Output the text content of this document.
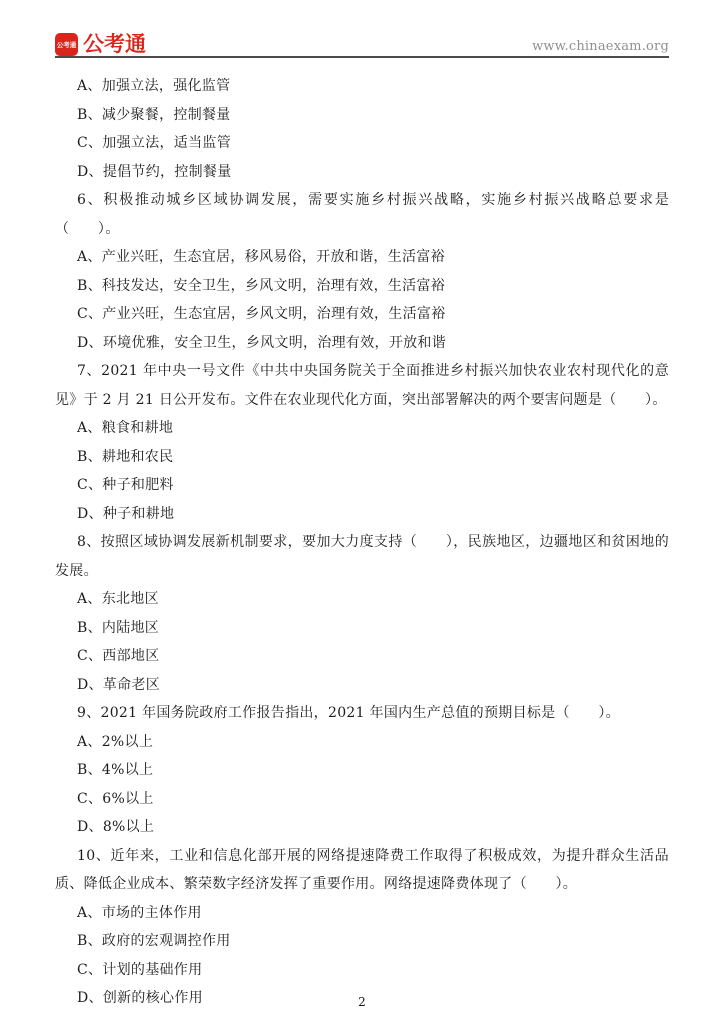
公考通 公考通	www.chinaexam.org

A、加强立法，强化监管

B、减少聚餐，控制餐量

C、加强立法，适当监管

D、提倡节约，控制餐量

6、积极推动城乡区域协调发展，需要实施乡村振兴战略，实施乡村振兴战略总要求是（　　）。

A、产业兴旺，生态宜居，移风易俗，开放和谐，生活富裕

B、科技发达，安全卫生，乡风文明，治理有效，生活富裕

C、产业兴旺，生态宜居，乡风文明，治理有效，生活富裕

D、环境优雅，安全卫生，乡风文明，治理有效，开放和谐

7、2021 年中央一号文件《中共中央国务院关于全面推进乡村振兴加快农业农村现代化的意见》于 2 月 21 日公开发布。文件在农业现代化方面，突出部署解决的两个要害问题是（　　）。

A、粮食和耕地

B、耕地和农民

C、种子和肥料

D、种子和耕地

8、按照区域协调发展新机制要求，要加大力度支持（　　），民族地区，边疆地区和贫困地的发展。

A、东北地区

B、内陆地区

C、西部地区

D、革命老区

9、2021 年国务院政府工作报告指出，2021 年国内生产总值的预期目标是（　　）。

A、2%以上

B、4%以上

C、6%以上

D、8%以上

10、近年来，工业和信息化部开展的网络提速降费工作取得了积极成效，为提升群众生活品质、降低企业成本、繁荣数字经济发挥了重要作用。网络提速降费体现了（　　）。

A、市场的主体作用

B、政府的宏观调控作用

C、计划的基础作用

D、创新的核心作用	2
